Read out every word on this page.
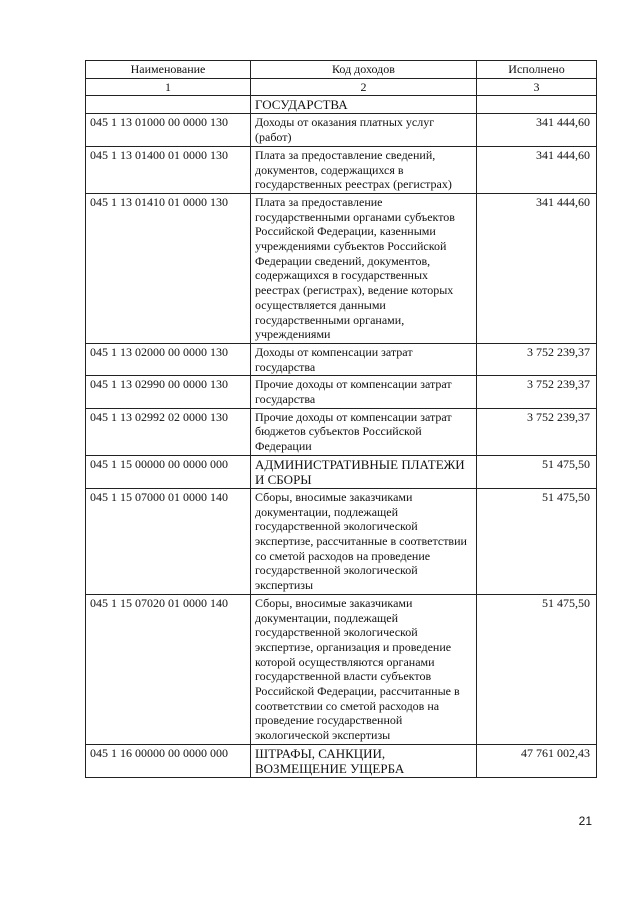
Наименование	Код доходов	Исполнено
1	2	3
	ГОСУДАРСТВА	
045 1 13 01000 00 0000 130	Доходы от оказания платных услуг (работ)	341 444,60
045 1 13 01400 01 0000 130	Плата за предоставление сведений, документов, содержащихся в государственных реестрах (регистрах)	341 444,60
045 1 13 01410 01 0000 130	Плата за предоставление государственными органами субъектов Российской Федерации, казенными учреждениями субъектов Российской Федерации сведений, документов, содержащихся в государственных реестрах (регистрах), ведение которых осуществляется данными государственными органами, учреждениями	341 444,60
045 1 13 02000 00 0000 130	Доходы от компенсации затрат государства	3 752 239,37
045 1 13 02990 00 0000 130	Прочие доходы от компенсации затрат государства	3 752 239,37
045 1 13 02992 02 0000 130	Прочие доходы от компенсации затрат бюджетов субъектов Российской Федерации	3 752 239,37
045 1 15 00000 00 0000 000	АДМИНИСТРАТИВНЫЕ ПЛАТЕЖИ И СБОРЫ	51 475,50
045 1 15 07000 01 0000 140	Сборы, вносимые заказчиками документации, подлежащей государственной экологической экспертизе, рассчитанные в соответствии со сметой расходов на проведение государственной экологической экспертизы	51 475,50
045 1 15 07020 01 0000 140	Сборы, вносимые заказчиками документации, подлежащей государственной экологической экспертизе, организация и проведение которой осуществляются органами государственной власти субъектов Российской Федерации, рассчитанные в соответствии со сметой расходов на проведение государственной экологической экспертизы	51 475,50
045 1 16 00000 00 0000 000	ШТРАФЫ, САНКЦИИ, ВОЗМЕЩЕНИЕ УЩЕРБА	47 761 002,43
21
